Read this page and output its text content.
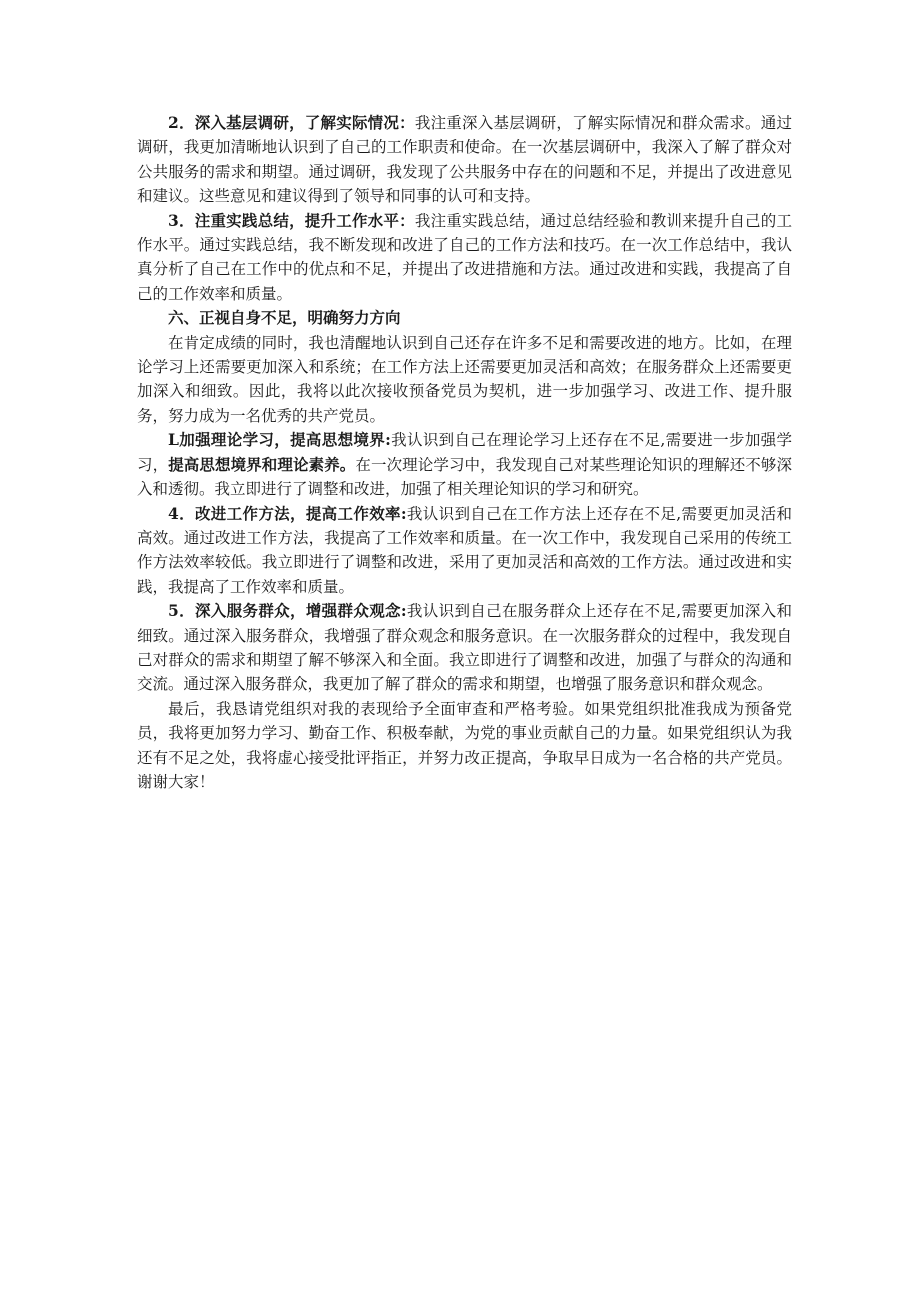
2．深入基层调研，了解实际情况：我注重深入基层调研，了解实际情况和群众需求。通过调研，我更加清晰地认识到了自己的工作职责和使命。在一次基层调研中，我深入了解了群众对公共服务的需求和期望。通过调研，我发现了公共服务中存在的问题和不足，并提出了改进意见和建议。这些意见和建议得到了领导和同事的认可和支持。

3．注重实践总结，提升工作水平：我注重实践总结，通过总结经验和教训来提升自己的工作水平。通过实践总结，我不断发现和改进了自己的工作方法和技巧。在一次工作总结中，我认真分析了自己在工作中的优点和不足，并提出了改进措施和方法。通过改进和实践，我提高了自己的工作效率和质量。

六、正视自身不足，明确努力方向

在肯定成绩的同时，我也清醒地认识到自己还存在许多不足和需要改进的地方。比如，在理论学习上还需要更加深入和系统；在工作方法上还需要更加灵活和高效；在服务群众上还需要更加深入和细致。因此，我将以此次接收预备党员为契机，进一步加强学习、改进工作、提升服务，努力成为一名优秀的共产党员。

L加强理论学习，提高思想境界:我认识到自己在理论学习上还存在不足,需要进一步加强学习，提高思想境界和理论素养。在一次理论学习中，我发现自己对某些理论知识的理解还不够深入和透彻。我立即进行了调整和改进，加强了相关理论知识的学习和研究。

4．改进工作方法，提高工作效率:我认识到自己在工作方法上还存在不足,需要更加灵活和高效。通过改进工作方法，我提高了工作效率和质量。在一次工作中，我发现自己采用的传统工作方法效率较低。我立即进行了调整和改进，采用了更加灵活和高效的工作方法。通过改进和实践，我提高了工作效率和质量。

5．深入服务群众，增强群众观念:我认识到自己在服务群众上还存在不足,需要更加深入和细致。通过深入服务群众，我增强了群众观念和服务意识。在一次服务群众的过程中，我发现自己对群众的需求和期望了解不够深入和全面。我立即进行了调整和改进，加强了与群众的沟通和交流。通过深入服务群众，我更加了解了群众的需求和期望，也增强了服务意识和群众观念。

最后，我恳请党组织对我的表现给予全面审查和严格考验。如果党组织批准我成为预备党员，我将更加努力学习、勤奋工作、积极奉献，为党的事业贡献自己的力量。如果党组织认为我还有不足之处，我将虚心接受批评指正，并努力改正提高，争取早日成为一名合格的共产党员。谢谢大家！
